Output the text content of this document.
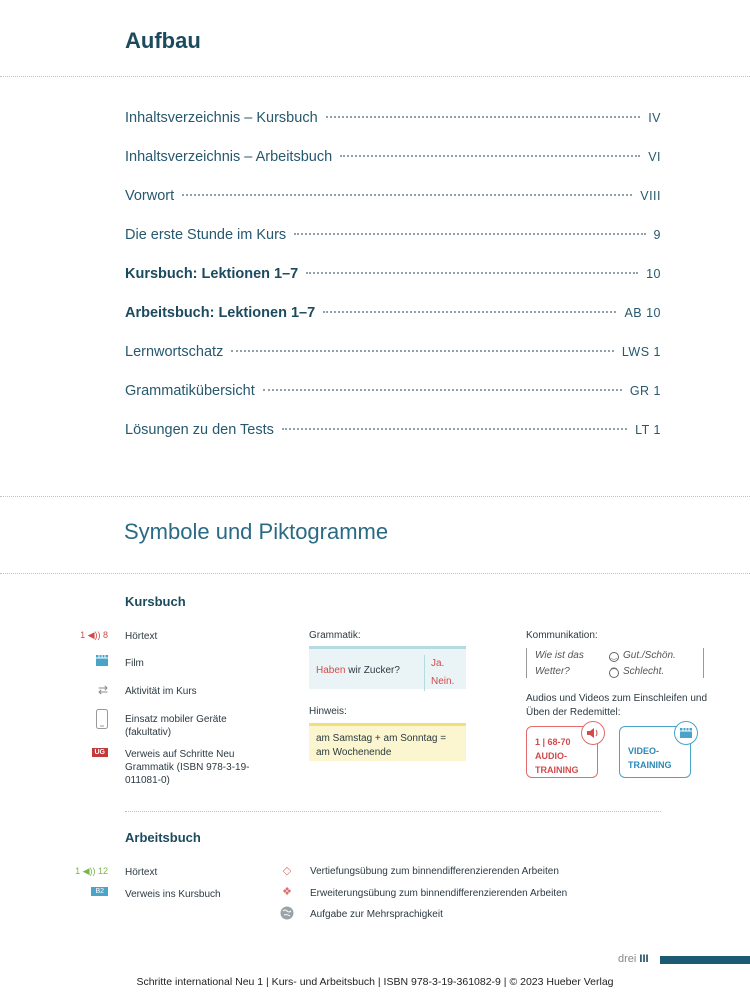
Aufbau
Inhaltsverzeichnis – Kursbuch	IV
Inhaltsverzeichnis – Arbeitsbuch	VI
Vorwort	VIII
Die erste Stunde im Kurs	9
Kursbuch: Lektionen 1–7	10
Arbeitsbuch: Lektionen 1–7	AB 10
Lernwortschatz	LWS 1
Grammatikübersicht	GR 1
Lösungen zu den Tests	LT 1
Symbole und Piktogramme
Kursbuch
1 ◀)) 8 Hörtext
Film
⇄ Aktivität im Kurs
Einsatz mobiler Geräte (fakultativ)
UG	Verweis auf Schritte Neu Grammatik (ISBN 978-3-19-011081-0)
Grammatik:
Haben wir Zucker?
Ja.
Nein.
Hinweis:
am Samstag + am Sonntag = am Wochenende
Kommunikation:
Wie ist das Wetter?
‿ Gut./Schön.
⁀ Schlecht.
Audios und Videos zum Einschleifen und Üben der Redemittel:
1 | 68-70
AUDIO-
TRAINING
VIDEO-
TRAINING
Arbeitsbuch
1 ◀)) 12 Hörtext
B2	Verweis ins Kursbuch
◇	Vertiefungsübung zum binnendifferenzierenden Arbeiten
❖	Erweiterungsübung zum binnendifferenzierenden Arbeiten
Aufgabe zur Mehrsprachigkeit
drei III
Schritte international Neu 1 | Kurs- und Arbeitsbuch | ISBN 978-3-19-361082-9 | © 2023 Hueber Verlag
